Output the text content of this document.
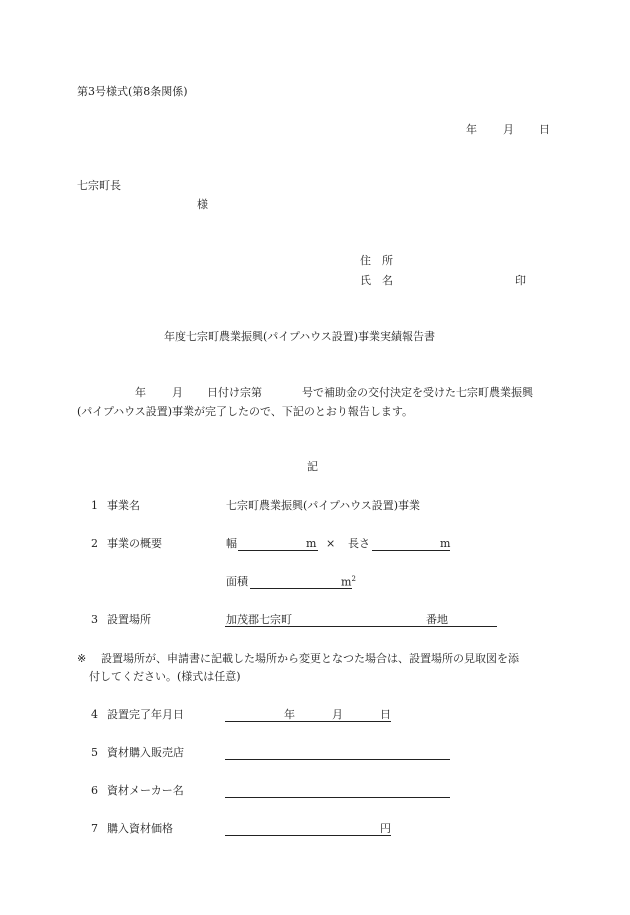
第3号様式(第8条関係)
年 月 日
七宗町長
様
住　所
氏　名	印
年度七宗町農業振興(パイプハウス設置)事業実績報告書
年 月 日付け宗第	号で補助金の交付決定を受けた七宗町農業振興
(パイプハウス設置)事業が完了したので、下記のとおり報告します。
記
1 事業名	七宗町農業振興(パイプハウス設置)事業
2 事業の概要	幅	m × 長さ	m
面積	$m^2$
3 設置場所	加茂郡七宗町	番地
※ 設置場所が、申請書に記載した場所から変更となつた場合は、設置場所の見取図を添
付してください。(様式は任意)
4 設置完了年月日	年	月	日
5 資材購入販売店
6 資材メーカー名
7 購入資材価格	円
